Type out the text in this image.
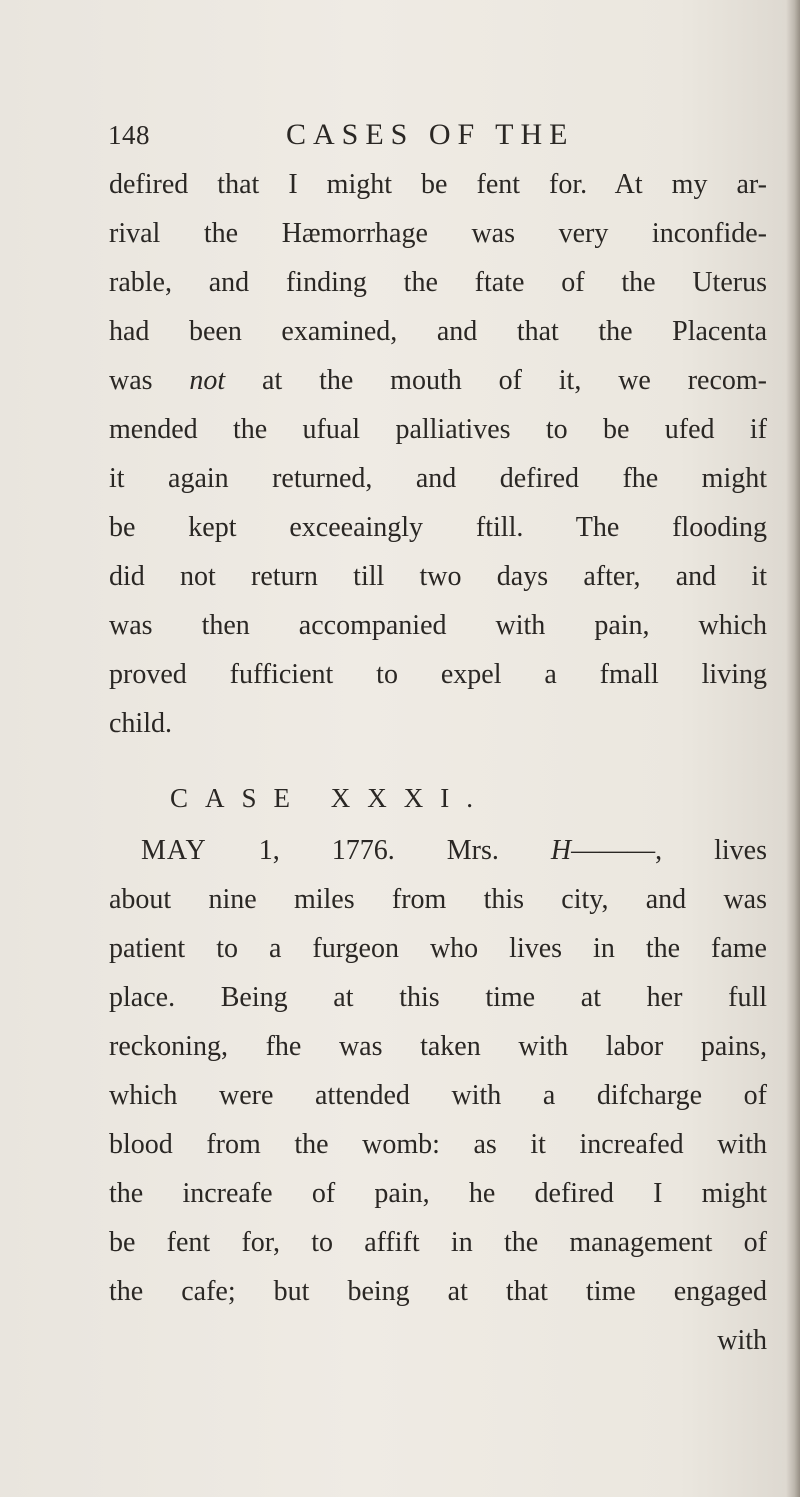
148	CASES OF THE
defired that I might be fent for. At my ar-
rival the Hæmorrhage was very inconfide-
rable, and finding the ftate of the Uterus
had been examined, and that the Placenta
was not at the mouth of it, we recom-
mended the ufual palliatives to be ufed if
it again returned, and defired fhe might
be kept exceeaingly ftill. The flooding
did not return till two days after, and it
was then accompanied with pain, which
proved fufficient to expel a fmall living
child.
CASE XXXI.
MAY 1, 1776. Mrs. H———, lives
about nine miles from this city, and was
patient to a furgeon who lives in the fame
place. Being at this time at her full
reckoning, fhe was taken with labor pains,
which were attended with a difcharge of
blood from the womb: as it increafed with
the increafe of pain, he defired I might
be fent for, to affift in the management of
the cafe; but being at that time engaged
with
